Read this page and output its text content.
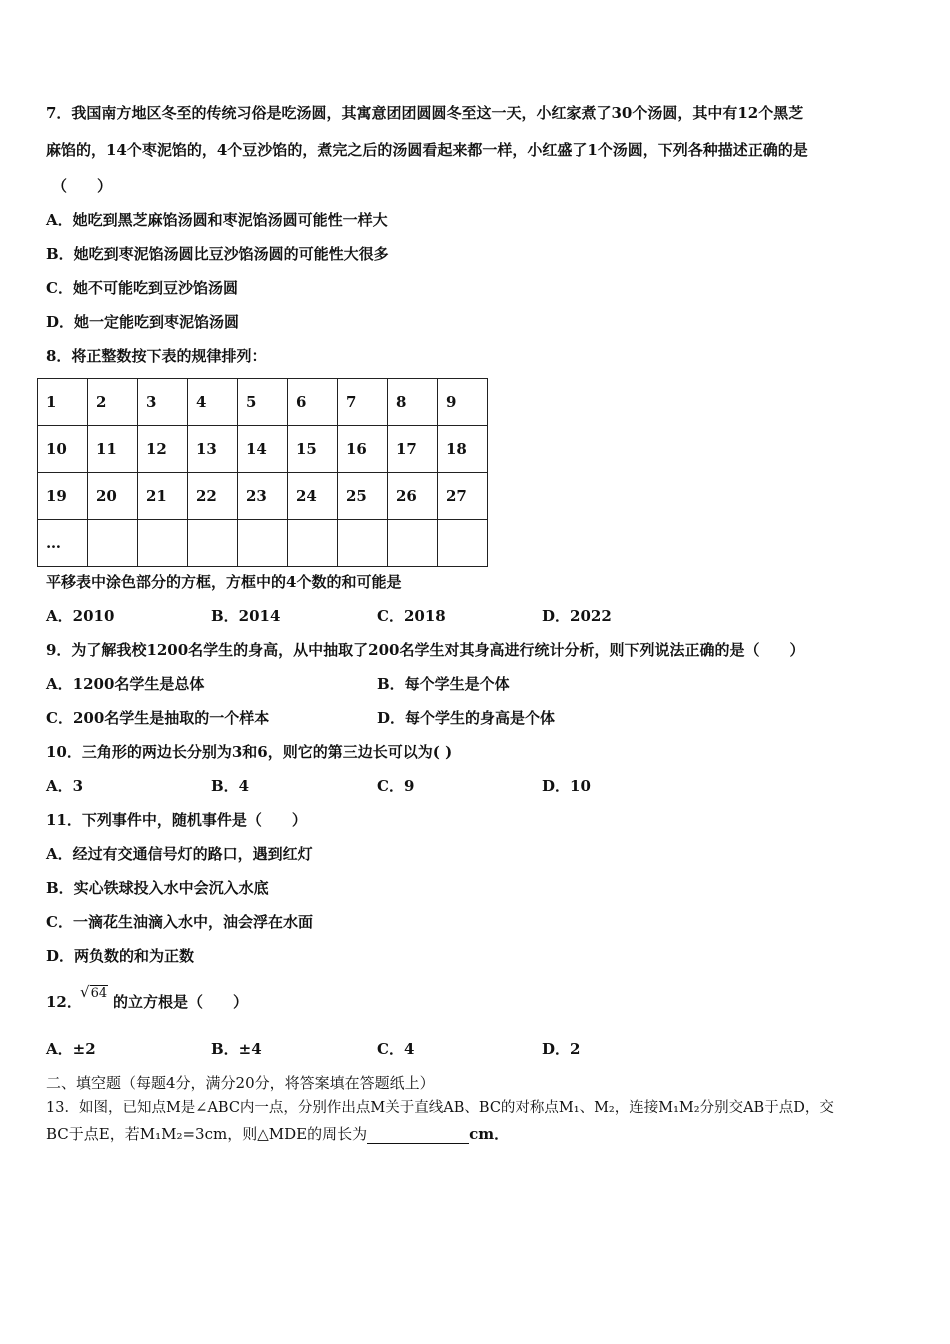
7．我国南方地区冬至的传统习俗是吃汤圆，其寓意团团圆圆冬至这一天，小红家煮了30个汤圆，其中有12个黑芝
麻馅的，14个枣泥馅的，4个豆沙馅的，煮完之后的汤圆看起来都一样，小红盛了1个汤圆，下列各种描述正确的是
（　　）
A．她吃到黑芝麻馅汤圆和枣泥馅汤圆可能性一样大
B．她吃到枣泥馅汤圆比豆沙馅汤圆的可能性大很多
C．她不可能吃到豆沙馅汤圆
D．她一定能吃到枣泥馅汤圆
8．将正整数按下表的规律排列：
1	2	3	4	5	6	7	8	9
10	11	12	13	14	15	16	17	18
19	20	21	22	23	24	25	26	27
…								
平移表中涂色部分的方框，方框中的4个数的和可能是
A．2010	B．2014	C．2018	D．2022
9．为了解我校1200名学生的身高，从中抽取了200名学生对其身高进行统计分析，则下列说法正确的是（　　）
A．1200名学生是总体	B．每个学生是个体
C．200名学生是抽取的一个样本	D．每个学生的身高是个体
10．三角形的两边长分别为3和6，则它的第三边长可以为( )
A．3	B．4	C．9	D．10
11．下列事件中，随机事件是（　　）
A．经过有交通信号灯的路口，遇到红灯
B．实心铁球投入水中会沉入水底
C．一滴花生油滴入水中，油会浮在水面
D．两负数的和为正数
12．
√64 的立方根是（　　）
A．±2	B．±4	C．4	D．2
二、填空题（每题4分，满分20分，将答案填在答题纸上）
13．如图，已知点M是∠ABC内一点，分别作出点M关于直线AB、BC的对称点M₁、M₂，连接M₁M₂分别交AB于点D，交
BC于点E，若M₁M₂=3cm，则△MDE的周长为	cm．
